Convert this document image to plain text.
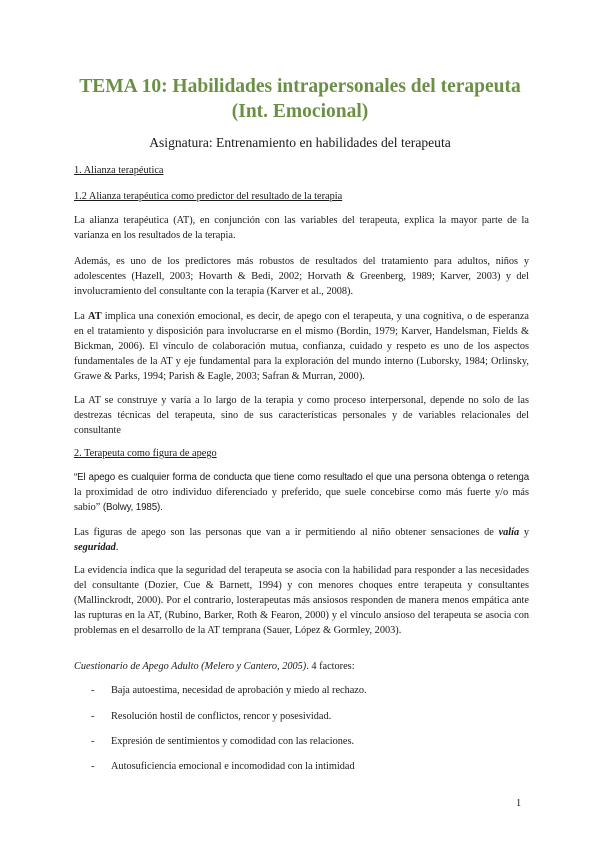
TEMA 10: Habilidades intrapersonales del terapeuta (Int. Emocional)
Asignatura: Entrenamiento en habilidades del terapeuta

1. Alianza terapéutica

1.2 Alianza terapéutica como predictor del resultado de la terapia

La alianza terapéutica (AT), en conjunción con las variables del terapeuta, explica la mayor parte de la varianza en los resultados de la terapia.

Además, es uno de los predictores más robustos de resultados del tratamiento para adultos, niños y adolescentes (Hazell, 2003; Hovarth & Bedi, 2002; Horvath & Greenberg, 1989; Karver, 2003) y del involucramiento del consultante con la terapia (Karver et al., 2008).

La AT implica una conexión emocional, es decir, de apego con el terapeuta, y una cognitiva, o de esperanza en el tratamiento y disposición para involucrarse en el mismo (Bordin, 1979; Karver, Handelsman, Fields & Bickman, 2006). El vínculo de colaboración mutua, confianza, cuidado y respeto es uno de los aspectos fundamentales de la AT y eje fundamental para la exploración del mundo interno (Luborsky, 1984; Orlinsky, Grawe & Parks, 1994; Parish & Eagle, 2003; Safran & Murran, 2000).

La AT se construye y varía a lo largo de la terapia y como proceso interpersonal, depende no solo de las destrezas técnicas del terapeuta, sino de sus características personales y de variables relacionales del consultante

2. Terapeuta como figura de apego

“El apego es cualquier forma de conducta que tiene como resultado el que una persona obtenga o retenga la proximidad de otro individuo diferenciado y preferido, que suele concebirse como más fuerte y/o más sabio” (Bolwy, 1985).

Las figuras de apego son las personas que van a ir permitiendo al niño obtener sensaciones de valía y seguridad.

La evidencia indica que la seguridad del terapeuta se asocia con la habilidad para responder a las necesidades del consultante (Dozier, Cue & Barnett, 1994) y con menores choques entre terapeuta y consultantes (Mallinckrodt, 2000). Por el contrario, losterapeutas más ansiosos responden de manera menos empática ante las rupturas en la AT, (Rubino, Barker, Roth & Fearon, 2000) y el vínculo ansioso del terapeuta se asocia con problemas en el desarrollo de la AT temprana (Sauer, López & Gormley, 2003).

Cuestionario de Apego Adulto (Melero y Cantero, 2005). 4 factores:

- Baja autoestima, necesidad de aprobación y miedo al rechazo.
- Resolución hostil de conflictos, rencor y posesividad.
- Expresión de sentimientos y comodidad con las relaciones.
- Autosuficiencia emocional e incomodidad con la intimidad
1
